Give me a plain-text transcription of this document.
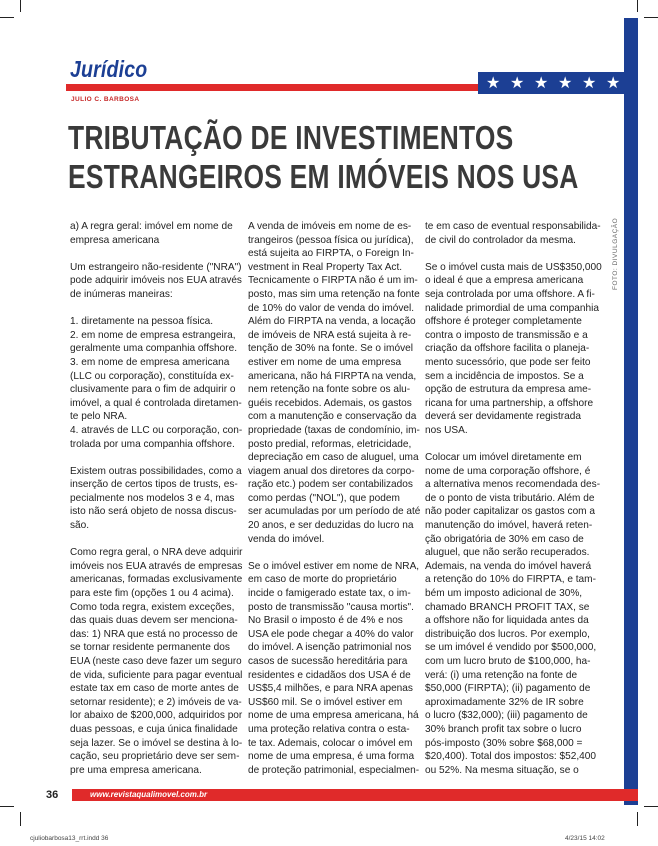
★ ★ ★ ★ ★ ★
Jurídico
JULIO C. BARBOSA
TRIBUTAÇÃO DE INVESTIMENTOS
ESTRANGEIROS EM IMÓVEIS NOS USA

a) A regra geral: imóvel em nome de
empresa americana

Um estrangeiro não-residente ("NRA")
pode adquirir imóveis nos EUA através
de inúmeras maneiras:

1. diretamente na pessoa física.
2. em nome de empresa estrangeira,
geralmente uma companhia offshore.
3. em nome de empresa americana
(LLC ou corporação), constituída ex-
clusivamente para o fim de adquirir o
imóvel, a qual é controlada diretamen-
te pelo NRA.
4. através de LLC ou corporação, con-
trolada por uma companhia offshore.

Existem outras possibilidades, como a
inserção de certos tipos de trusts, es-
pecialmente nos modelos 3 e 4, mas
isto não será objeto de nossa discus-
são.

Como regra geral, o NRA deve adquirir
imóveis nos EUA através de empresas
americanas, formadas exclusivamente
para este fim (opções 1 ou 4 acima).
Como toda regra, existem exceções,
das quais duas devem ser menciona-
das: 1) NRA que está no processo de
se tornar residente permanente dos
EUA (neste caso deve fazer um seguro
de vida, suficiente para pagar eventual
estate tax em caso de morte antes de
setornar residente); e 2) imóveis de va-
lor abaixo de $200,000, adquiridos por
duas pessoas, e cuja única finalidade
seja lazer. Se o imóvel se destina à lo-
cação, seu proprietário deve ser sem-
pre uma empresa americana.

A venda de imóveis em nome de es-
trangeiros (pessoa física ou jurídica),
está sujeita ao FIRPTA, o Foreign In-
vestment in Real Property Tax Act.
Tecnicamente o FIRPTA não é um im-
posto, mas sim uma retenção na fonte
de 10% do valor de venda do imóvel.
Além do FIRPTA na venda, a locação
de imóveis de NRA está sujeita à re-
tenção de 30% na fonte. Se o imóvel
estiver em nome de uma empresa
americana, não há FIRPTA na venda,
nem retenção na fonte sobre os alu-
guéis recebidos. Ademais, os gastos
com a manutenção e conservação da
propriedade (taxas de condomínio, im-
posto predial, reformas, eletricidade,
depreciação em caso de aluguel, uma
viagem anual dos diretores da corpo-
ração etc.) podem ser contabilizados
como perdas ("NOL"), que podem
ser acumuladas por um período de até
20 anos, e ser deduzidas do lucro na
venda do imóvel.

Se o imóvel estiver em nome de NRA,
em caso de morte do proprietário
incide o famigerado estate tax, o im-
posto de transmissão "causa mortis".
No Brasil o imposto é de 4% e nos
USA ele pode chegar a 40% do valor
do imóvel. A isenção patrimonial nos
casos de sucessão hereditária para
residentes e cidadãos dos USA é de
US$5,4 milhões, e para NRA apenas
US$60 mil. Se o imóvel estiver em
nome de uma empresa americana, há
uma proteção relativa contra o esta-
te tax. Ademais, colocar o imóvel em
nome de uma empresa, é uma forma
de proteção patrimonial, especialmen-

te em caso de eventual responsabilida-
de civil do controlador da mesma.

Se o imóvel custa mais de US$350,000
o ideal é que a empresa americana
seja controlada por uma offshore. A fi-
nalidade primordial de uma companhia
offshore é proteger completamente
contra o imposto de transmissão e a
criação da offshore facilita o planeja-
mento sucessório, que pode ser feito
sem a incidência de impostos. Se a
opção de estrutura da empresa ame-
ricana for uma partnership, a offshore
deverá ser devidamente registrada
nos USA.

Colocar um imóvel diretamente em
nome de uma corporação offshore, é
a alternativa menos recomendada des-
de o ponto de vista tributário. Além de
não poder capitalizar os gastos com a
manutenção do imóvel, haverá reten-
ção obrigatória de 30% em caso de
aluguel, que não serão recuperados.
Ademais, na venda do imóvel haverá
a retenção do 10% do FIRPTA, e tam-
bém um imposto adicional de 30%,
chamado BRANCH PROFIT TAX, se
a offshore não for liquidada antes da
distribuição dos lucros. Por exemplo,
se um imóvel é vendido por $500,000,
com um lucro bruto de $100,000, ha-
verá: (i) uma retenção na fonte de
$50,000 (FIRPTA); (ii) pagamento de
aproximadamente 32% de IR sobre
o lucro ($32,000); (iii) pagamento de
30% branch profit tax sobre o lucro
pós-imposto (30% sobre $68,000 =
$20,400). Total dos impostos: $52,400
ou 52%. Na mesma situação, se o

FOTO: DIVULGAÇÃO
36	www.revistaqualimovel.com.br
cjuliobarbosa13_rrt.indd 36	4/23/15 14:02
